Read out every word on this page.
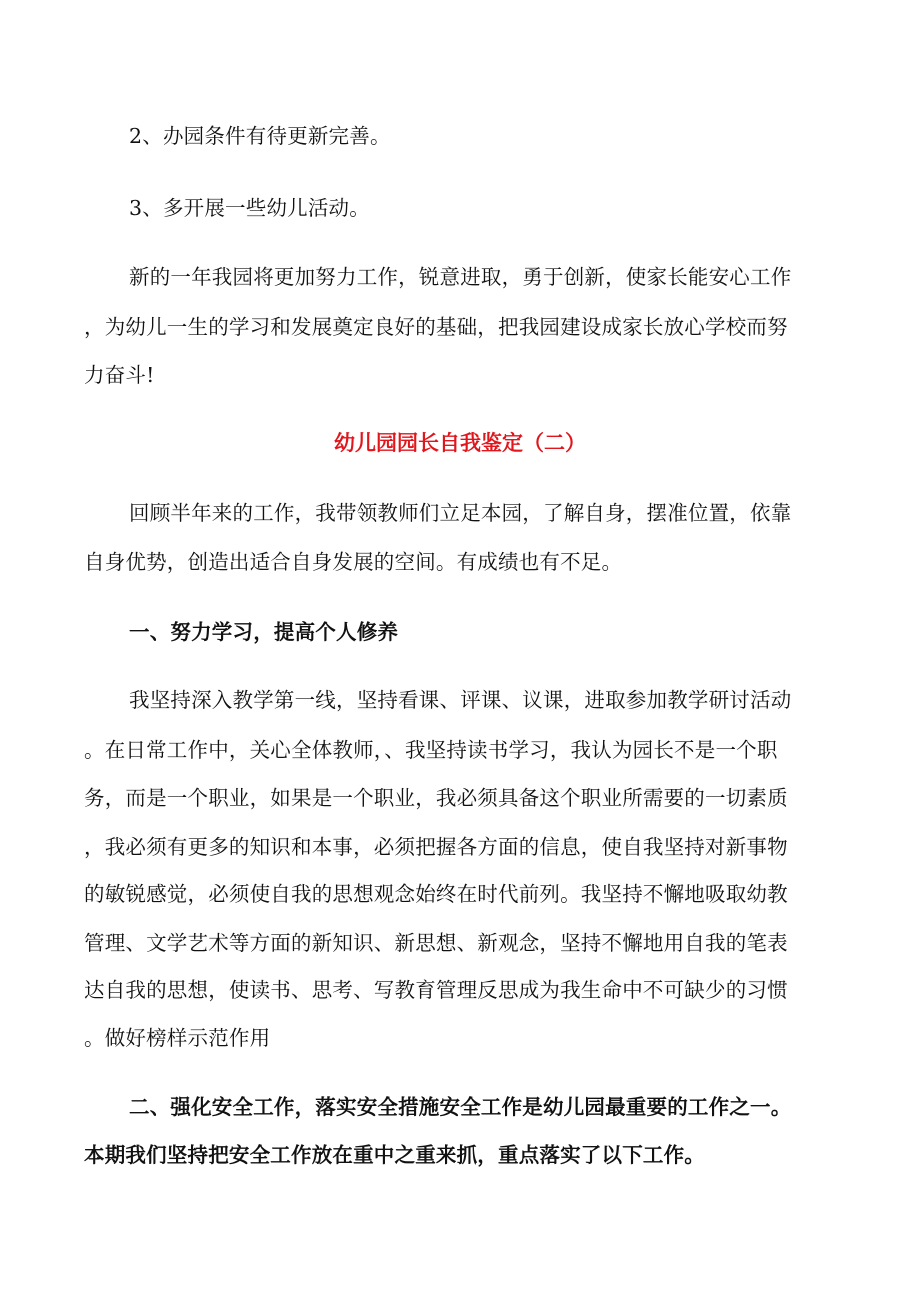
2、办园条件有待更新完善。
3、多开展一些幼儿活动。
新的一年我园将更加努力工作，锐意进取，勇于创新，使家长能安心工作
，为幼儿一生的学习和发展奠定良好的基础，把我园建设成家长放心学校而努
力奋斗!
幼儿园园长自我鉴定（二）
回顾半年来的工作，我带领教师们立足本园，了解自身，摆准位置，依靠
自身优势，创造出适合自身发展的空间。有成绩也有不足。
一、努力学习，提高个人修养
我坚持深入教学第一线，坚持看课、评课、议课，进取参加教学研讨活动
。在日常工作中，关心全体教师，、我坚持读书学习，我认为园长不是一个职
务，而是一个职业，如果是一个职业，我必须具备这个职业所需要的一切素质
，我必须有更多的知识和本事，必须把握各方面的信息，使自我坚持对新事物
的敏锐感觉，必须使自我的思想观念始终在时代前列。我坚持不懈地吸取幼教
管理、文学艺术等方面的新知识、新思想、新观念，坚持不懈地用自我的笔表
达自我的思想，使读书、思考、写教育管理反思成为我生命中不可缺少的习惯
。做好榜样示范作用
二、强化安全工作，落实安全措施安全工作是幼儿园最重要的工作之一。
本期我们坚持把安全工作放在重中之重来抓，重点落实了以下工作。
